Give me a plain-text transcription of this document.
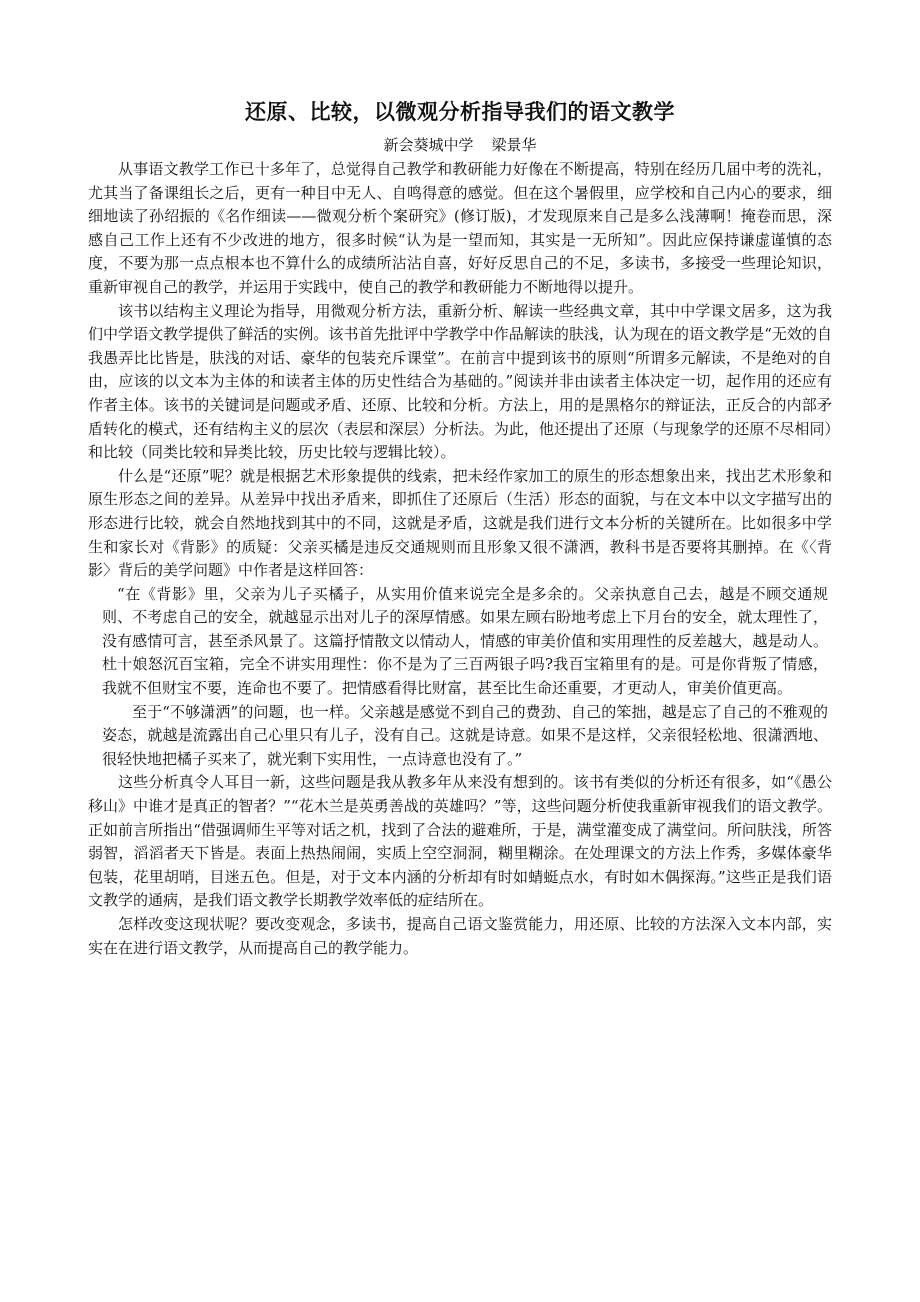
还原、比较，以微观分析指导我们的语文教学
新会葵城中学 梁景华

从事语文教学工作已十多年了，总觉得自己教学和教研能力好像在不断提高，特别在经历几届中考的洗礼，尤其当了备课组长之后，更有一种目中无人、自鸣得意的感觉。但在这个暑假里，应学校和自己内心的要求，细细地读了孙绍振的《名作细读——微观分析个案研究》(修订版)，才发现原来自己是多么浅薄啊！掩卷而思，深感自己工作上还有不少改进的地方，很多时候“认为是一望而知，其实是一无所知”。因此应保持谦虚谨慎的态度，不要为那一点点根本也不算什么的成绩所沾沾自喜，好好反思自己的不足，多读书，多接受一些理论知识，重新审视自己的教学，并运用于实践中，使自己的教学和教研能力不断地得以提升。

该书以结构主义理论为指导，用微观分析方法，重新分析、解读一些经典文章，其中中学课文居多，这为我们中学语文教学提供了鲜活的实例。该书首先批评中学教学中作品解读的肤浅，认为现在的语文教学是“无效的自我愚弄比比皆是，肤浅的对话、豪华的包装充斥课堂”。在前言中提到该书的原则“所谓多元解读，不是绝对的自由，应该的以文本为主体的和读者主体的历史性结合为基础的。”阅读并非由读者主体决定一切，起作用的还应有作者主体。该书的关键词是问题或矛盾、还原、比较和分析。方法上，用的是黑格尔的辩证法，正反合的内部矛盾转化的模式，还有结构主义的层次（表层和深层）分析法。为此，他还提出了还原（与现象学的还原不尽相同）和比较（同类比较和异类比较，历史比较与逻辑比较）。

什么是“还原”呢？就是根据艺术形象提供的线索，把未经作家加工的原生的形态想象出来，找出艺术形象和原生形态之间的差异。从差异中找出矛盾来，即抓住了还原后（生活）形态的面貌，与在文本中以文字描写出的形态进行比较，就会自然地找到其中的不同，这就是矛盾，这就是我们进行文本分析的关键所在。比如很多中学生和家长对《背影》的质疑：父亲买橘是违反交通规则而且形象又很不潇洒，教科书是否要将其删掉。在《〈背影〉背后的美学问题》中作者是这样回答：

“在《背影》里，父亲为儿子买橘子，从实用价值来说完全是多余的。父亲执意自己去，越是不顾交通规则、不考虑自己的安全，就越显示出对儿子的深厚情感。如果左顾右盼地考虑上下月台的安全，就太理性了，没有感情可言，甚至杀风景了。这篇抒情散文以情动人，情感的审美价值和实用理性的反差越大，越是动人。杜十娘怒沉百宝箱，完全不讲实用理性：你不是为了三百两银子吗?我百宝箱里有的是。可是你背叛了情感，我就不但财宝不要，连命也不要了。把情感看得比财富，甚至比生命还重要，才更动人，审美价值更高。

至于“不够潇洒”的问题，也一样。父亲越是感觉不到自己的费劲、自己的笨拙，越是忘了自己的不雅观的姿态，就越是流露出自己心里只有儿子，没有自己。这就是诗意。如果不是这样，父亲很轻松地、很潇洒地、很轻快地把橘子买来了，就光剩下实用性，一点诗意也没有了。”

这些分析真令人耳目一新，这些问题是我从教多年从来没有想到的。该书有类似的分析还有很多，如“《愚公移山》中谁才是真正的智者？”“花木兰是英勇善战的英雄吗？”等，这些问题分析使我重新审视我们的语文教学。正如前言所指出“借强调师生平等对话之机，找到了合法的避难所，于是，满堂灌变成了满堂问。所问肤浅，所答弱智，滔滔者天下皆是。表面上热热闹闹，实质上空空洞洞，糊里糊涂。在处理课文的方法上作秀，多媒体豪华包装，花里胡哨，目迷五色。但是，对于文本内涵的分析却有时如蜻蜓点水，有时如木偶探海。”这些正是我们语文教学的通病，是我们语文教学长期教学效率低的症结所在。

怎样改变这现状呢？要改变观念，多读书，提高自己语文鉴赏能力，用还原、比较的方法深入文本内部，实实在在进行语文教学，从而提高自己的教学能力。
